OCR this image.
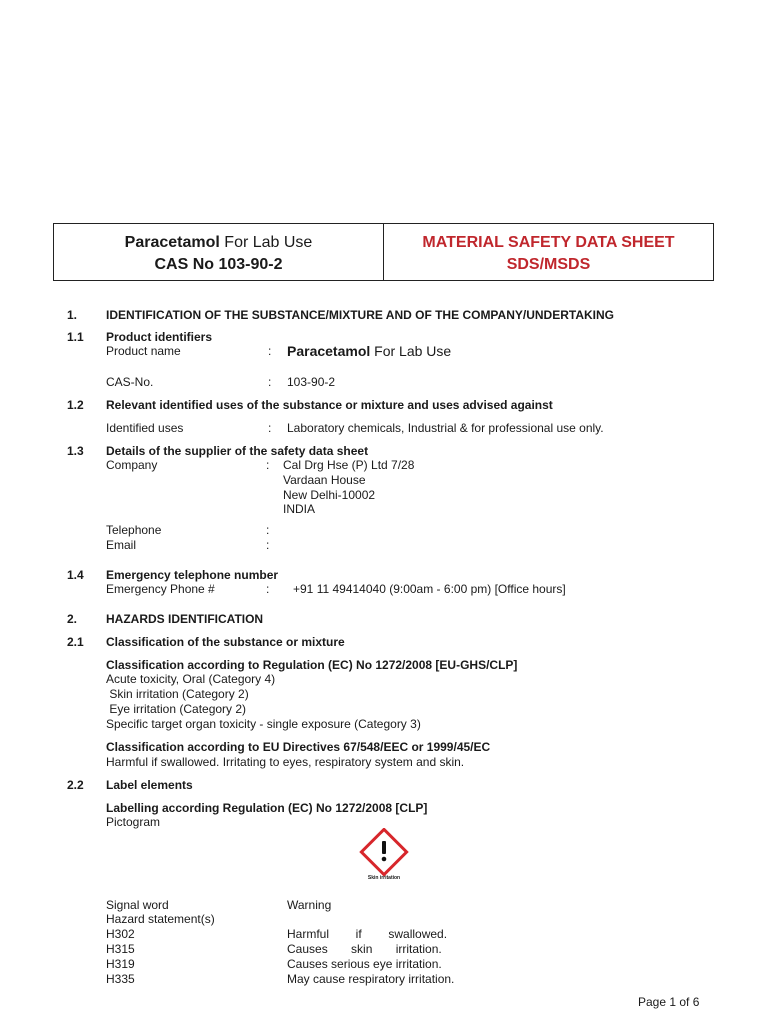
Paracetamol For Lab Use
CAS No 103-90-2
MATERIAL SAFETY DATA SHEET
SDS/MSDS
1. IDENTIFICATION OF THE SUBSTANCE/MIXTURE AND OF THE COMPANY/UNDERTAKING
1.1 Product identifiers
Product name	: Paracetamol For Lab Use
CAS-No.	: 103-90-2
1.2 Relevant identified uses of the substance or mixture and uses advised against
Identified uses	: Laboratory chemicals, Industrial & for professional use only.
1.3 Details of the supplier of the safety data sheet
Company	: Cal Drg Hse (P) Ltd 7/28
Vardaan House
New Delhi-10002
INDIA
Telephone	:
Email	:
1.4 Emergency telephone number
Emergency Phone #	: +91 11 49414040 (9:00am - 6:00 pm) [Office hours]
2. HAZARDS IDENTIFICATION
2.1 Classification of the substance or mixture
Classification according to Regulation (EC) No 1272/2008 [EU-GHS/CLP]
Acute toxicity, Oral (Category 4)
Skin irritation (Category 2)
Eye irritation (Category 2)
Specific target organ toxicity - single exposure (Category 3)
Classification according to EU Directives 67/548/EEC or 1999/45/EC
Harmful if swallowed. Irritating to eyes, respiratory system and skin.
2.2 Label elements
Labelling according Regulation (EC) No 1272/2008 [CLP]
Pictogram
Skin irritation
Signal word	Warning
Hazard statement(s)
H302	Harmful        if        swallowed.
H315	Causes       skin       irritation.
H319	Causes serious eye irritation.
H335	May cause respiratory irritation.
Page 1 of 6
